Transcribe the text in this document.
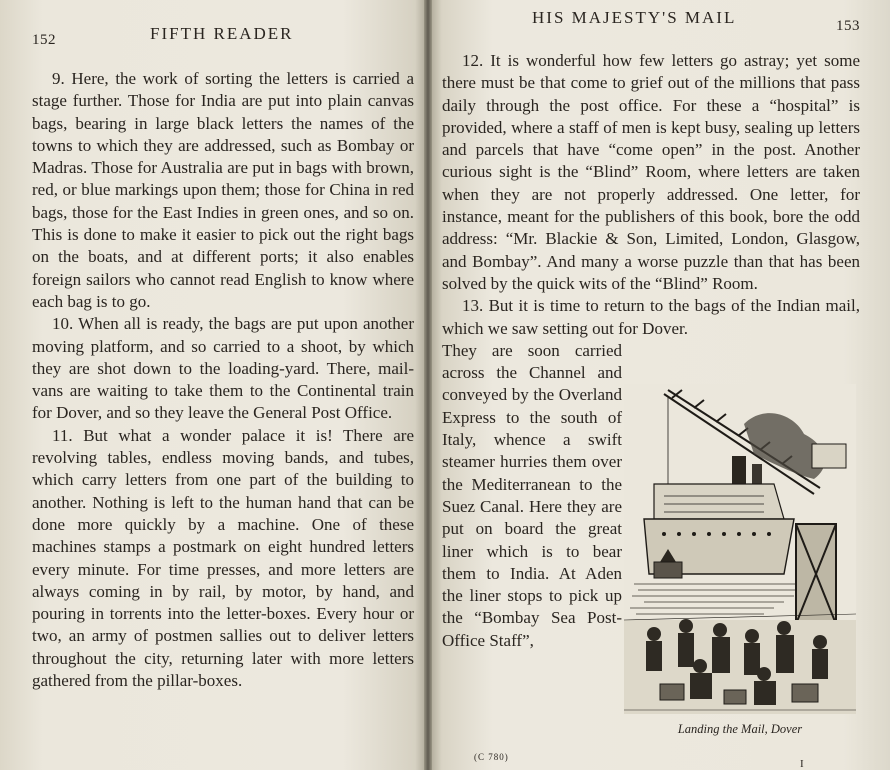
152	FIFTH READER

9. Here, the work of sorting the letters is carried a stage further. Those for India are put into plain canvas bags, bearing in large black letters the names of the towns to which they are addressed, such as Bombay or Madras. Those for Australia are put in bags with brown, red, or blue markings upon them; those for China in red bags, those for the East Indies in green ones, and so on. This is done to make it easier to pick out the right bags on the boats, and at different ports; it also enables foreign sailors who cannot read English to know where each bag is to go.

10. When all is ready, the bags are put upon another moving platform, and so carried to a shoot, by which they are shot down to the loading-yard. There, mail-vans are waiting to take them to the Continental train for Dover, and so they leave the General Post Office.

11. But what a wonder palace it is! There are revolving tables, endless moving bands, and tubes, which carry letters from one part of the building to another. Nothing is left to the human hand that can be done more quickly by a machine. One of these machines stamps a postmark on eight hundred letters every minute. For time presses, and more letters are always coming in by rail, by motor, by hand, and pouring in torrents into the letter-boxes. Every hour or two, an army of postmen sallies out to deliver letters throughout the city, returning later with more letters gathered from the pillar-boxes.

HIS MAJESTY'S MAIL	153

12. It is wonderful how few letters go astray; yet some there must be that come to grief out of the millions that pass daily through the post office. For these a “hospital” is provided, where a staff of men is kept busy, sealing up letters and parcels that have “come open” in the post. Another curious sight is the “Blind” Room, where letters are taken when they are not properly addressed. One letter, for instance, meant for the publishers of this book, bore the odd address: “Mr. Blackie & Son, Limited, London, Glasgow, and Bombay”. And many a worse puzzle than that has been solved by the quick wits of the “Blind” Room.

13. But it is time to return to the bags of the Indian mail, which we saw setting out for Dover.

They are soon carried across the Channel and conveyed by the Overland Express to the south of Italy, whence a swift steamer hurries them over the Mediterranean to the Suez Canal. Here they are put on board the great liner which is to bear them to India. At Aden the liner stops to pick up the “Bombay Sea Post-Office Staff”,

Landing the Mail, Dover
(C 780)
I
